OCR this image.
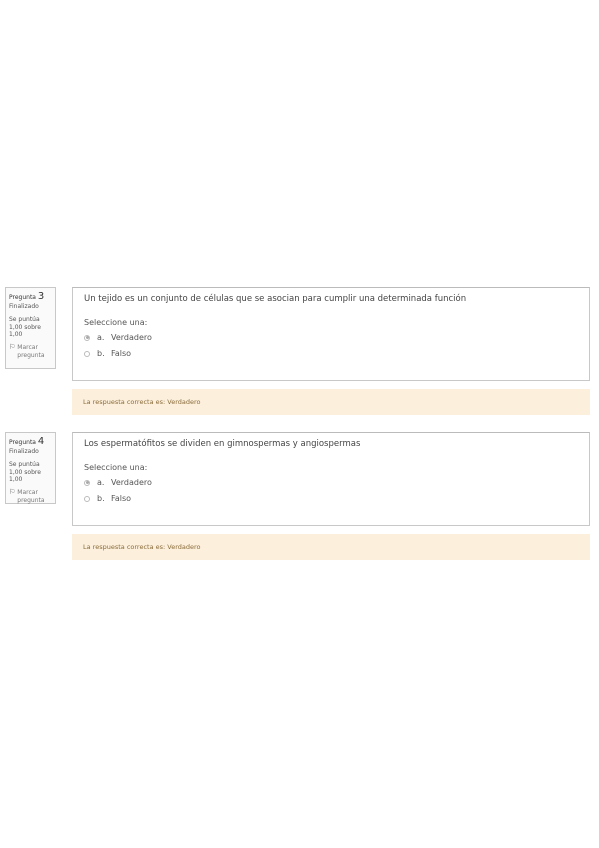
Pregunta 3
Finalizado
Se puntúa 1,00 sobre 1,00
⚐ Marcar pregunta
Un tejido es un conjunto de células que se asocian para cumplir una determinada función
Seleccione una:
a. Verdadero
b. Falso
La respuesta correcta es: Verdadero
Pregunta 4
Finalizado
Se puntúa 1,00 sobre 1,00
⚐ Marcar pregunta
Los espermatófitos se dividen en gimnospermas y angiospermas
Seleccione una:
a. Verdadero
b. Falso
La respuesta correcta es: Verdadero
